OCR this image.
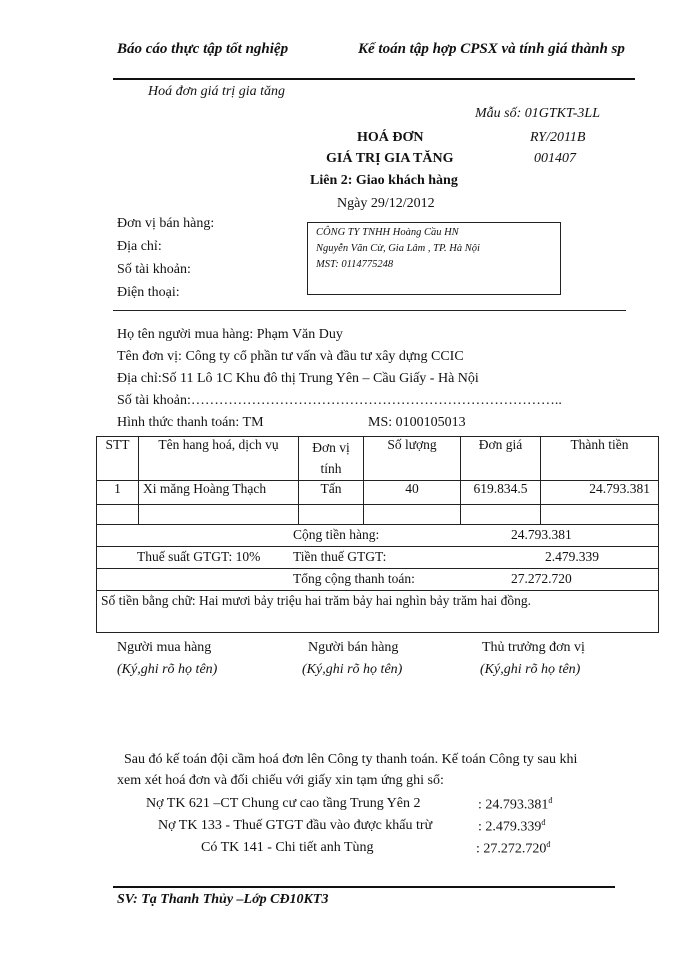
Báo cáo thực tập tốt nghiệp	Kế toán tập hợp CPSX và tính giá thành sp
Hoá đơn giá trị gia tăng
Mẫu số: 01GTKT-3LL
HOÁ ĐƠN	RY/2011B
GIÁ TRỊ GIA TĂNG	001407
Liên 2: Giao khách hàng
Ngày 29/12/2012
Đơn vị bán hàng:
Địa chỉ:
Số tài khoản:
Điện thoại:
CÔNG TY TNHH Hoàng Cầu HN
Nguyễn Văn Cừ, Gia Lâm , TP. Hà Nội
MST: 0114775248
Họ tên người mua hàng: Phạm Văn Duy
Tên đơn vị: Công ty cổ phần tư vấn và đầu tư xây dựng CCIC
Địa chỉ:Số 11 Lô 1C Khu đô thị Trung Yên – Cầu Giấy - Hà Nội
Số tài khoản:……………………………………………………………………..
Hình thức thanh toán: TM	MS: 0100105013
STT	Tên hang hoá, dịch vụ	Đơn vị tính	Số lượng	Đơn giá	Thành tiền
1	Xi măng Hoàng Thạch	Tấn	40	619.834.5	24.793.381

Cộng tiền hàng: 24.793.381					

Thuế suất GTGT: 10% Tiền thuế GTGT: 2.479.339					

Tổng cộng thanh toán: 27.272.720					

Số tiền bằng chữ: Hai mươi bảy triệu hai trăm bảy hai nghìn bảy trăm hai đồng.					
Người mua hàng
(Ký,ghi rõ họ tên)
Người bán hàng
(Ký,ghi rõ họ tên)
Thủ trưởng đơn vị
(Ký,ghi rõ họ tên)
Sau đó kế toán đội cầm hoá đơn lên Công ty thanh toán. Kế toán Công ty sau khi
xem xét hoá đơn và đối chiếu với giấy xin tạm ứng ghi sổ:
Nợ TK 621 –CT Chung cư cao tầng Trung Yên 2	: $24.793.381^đ$
Nợ TK 133 - Thuế GTGT đầu vào được khấu trừ	: $2.479.339^đ$
Có TK 141 - Chi tiết anh Tùng	: $27.272.720^đ$
SV: Tạ Thanh Thủy –Lớp CĐ10KT3
